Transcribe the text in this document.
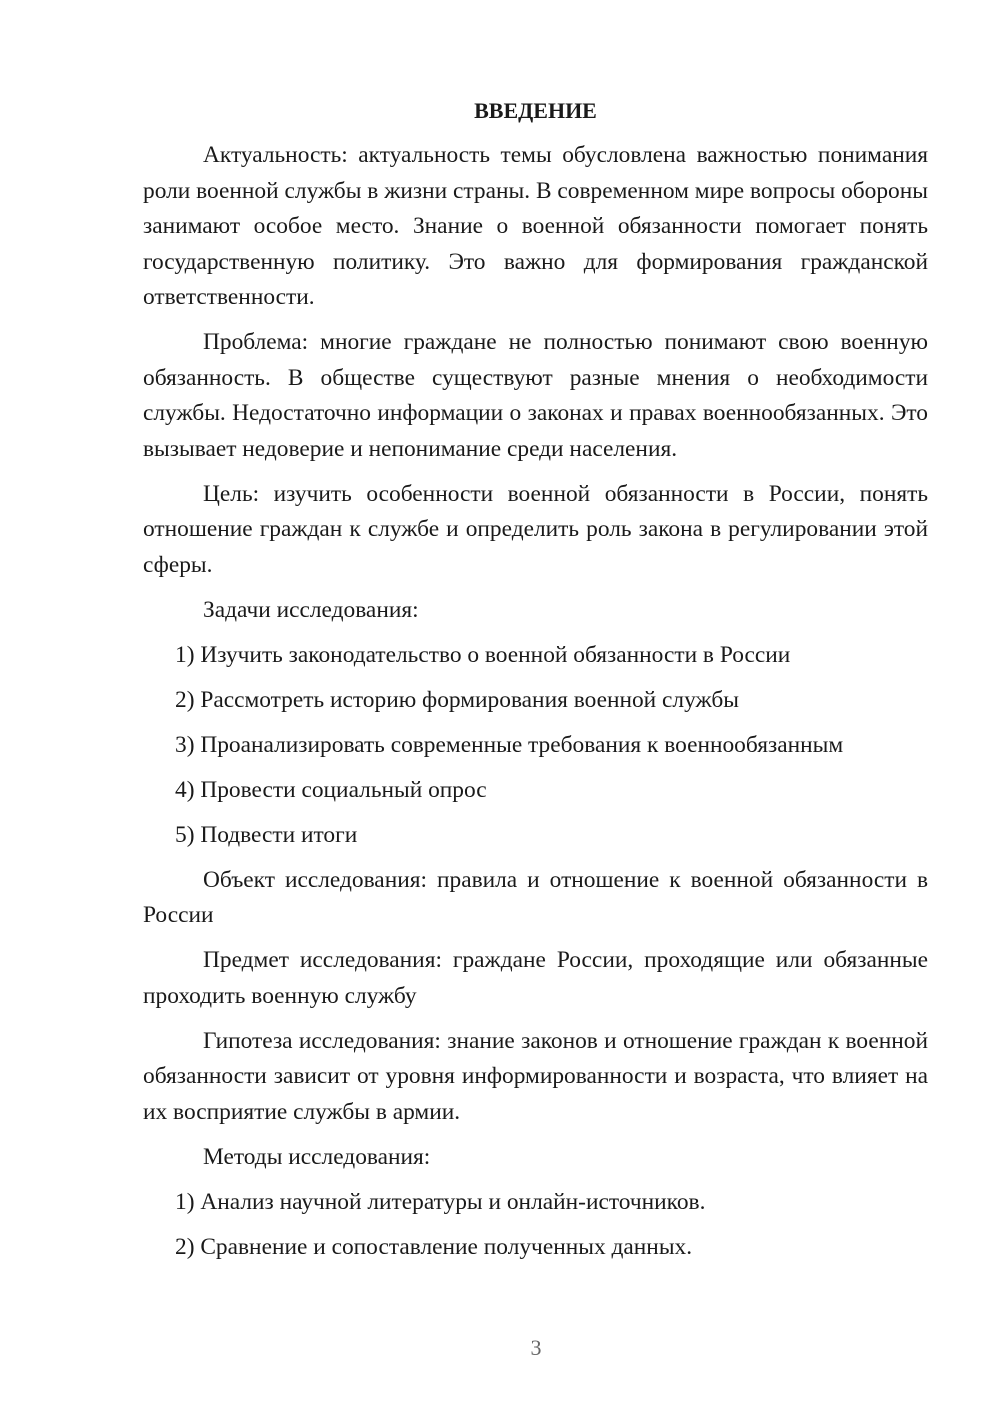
ВВЕДЕНИЕ

Актуальность: актуальность темы обусловлена важностью понимания роли военной службы в жизни страны. В современном мире вопросы обороны занимают особое место. Знание о военной обязанности помогает понять государственную политику. Это важно для формирования гражданской ответственности.

Проблема: многие граждане не полностью понимают свою военную обязанность. В обществе существуют разные мнения о необходимости службы. Недостаточно информации о законах и правах военнообязанных. Это вызывает недоверие и непонимание среди населения.

Цель: изучить особенности военной обязанности в России, понять отношение граждан к службе и определить роль закона в регулировании этой сферы.

Задачи исследования:

1) Изучить законодательство о военной обязанности в России
2) Рассмотреть историю формирования военной службы
3) Проанализировать современные требования к военнообязанным
4) Провести социальный опрос
5) Подвести итоги

Объект исследования: правила и отношение к военной обязанности в России

Предмет исследования: граждане России, проходящие или обязанные проходить военную службу

Гипотеза исследования: знание законов и отношение граждан к военной обязанности зависит от уровня информированности и возраста, что влияет на их восприятие службы в армии.

Методы исследования:

1) Анализ научной литературы и онлайн-источников.
2) Сравнение и сопоставление полученных данных.
3
